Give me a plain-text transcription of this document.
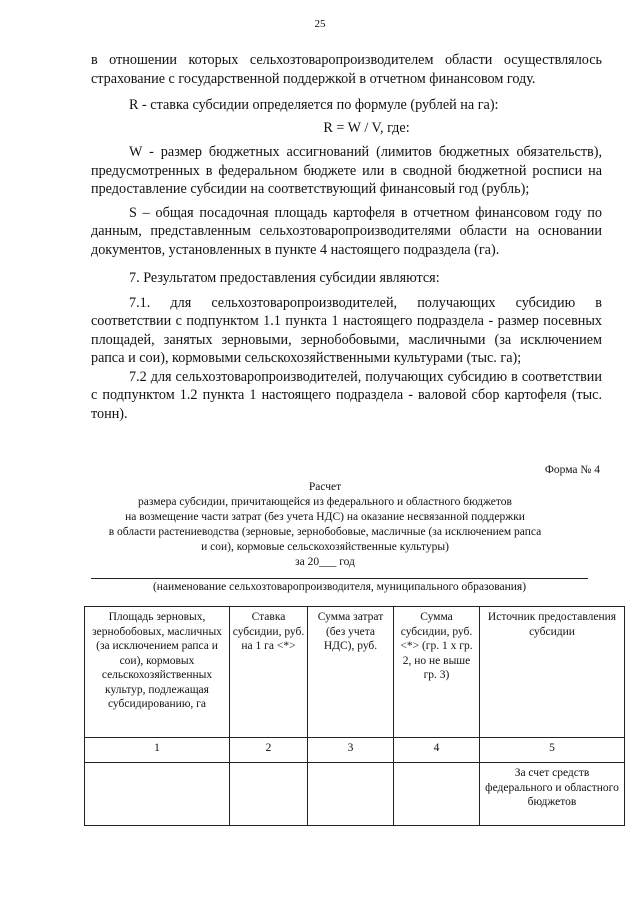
25

в отношении которых сельхозтоваропроизводителем области осуществлялось страхование с государственной поддержкой в отчетном финансовом году.

R - ставка субсидии определяется по формуле (рублей на га):

R = W / V, где:

W - размер бюджетных ассигнований (лимитов бюджетных обязательств), предусмотренных в федеральном бюджете или в сводной бюджетной росписи на предоставление субсидии на соответствующий финансовый год (рубль);

S – общая посадочная площадь картофеля в отчетном финансовом году по данным, представленным сельхозтоваропроизводителями области на основании документов, установленных в пункте 4 настоящего подраздела (га).

7. Результатом предоставления субсидии являются:

7.1. для сельхозтоваропроизводителей, получающих субсидию в соответствии с подпунктом 1.1 пункта 1 настоящего подраздела - размер посевных площадей, занятых зерновыми, зернобобовыми, масличными (за исключением рапса и сои), кормовыми сельскохозяйственными культурами (тыс. га);

7.2 для сельхозтоваропроизводителей, получающих субсидию в соответствии с подпунктом 1.2 пункта 1 настоящего подраздела - валовой сбор картофеля (тыс. тонн).

Форма № 4

Расчет

размера субсидии, причитающейся из федерального и областного бюджетов

на возмещение части затрат (без учета НДС) на оказание несвязанной поддержки

в области растениеводства (зерновые, зернобобовые, масличные (за исключением рапса

и сои), кормовые сельскохозяйственные культуры)

за 20___ год

(наименование сельхозтоваропроизводителя, муниципального образования)
Площадь зерновых, зернобобовых, масличных (за исключением рапса и сои), кормовых сельскохозяйственных культур, подлежащая субсидированию, га	Ставка субсидии, руб. на 1 га <*>	Сумма затрат (без учета НДС), руб.	Сумма субсидии, руб. <*> (гр. 1 x гр. 2, но не выше гр. 3)	Источник предоставления субсидии
1	2	3	4	5
				За счет средств федерального и областного бюджетов
